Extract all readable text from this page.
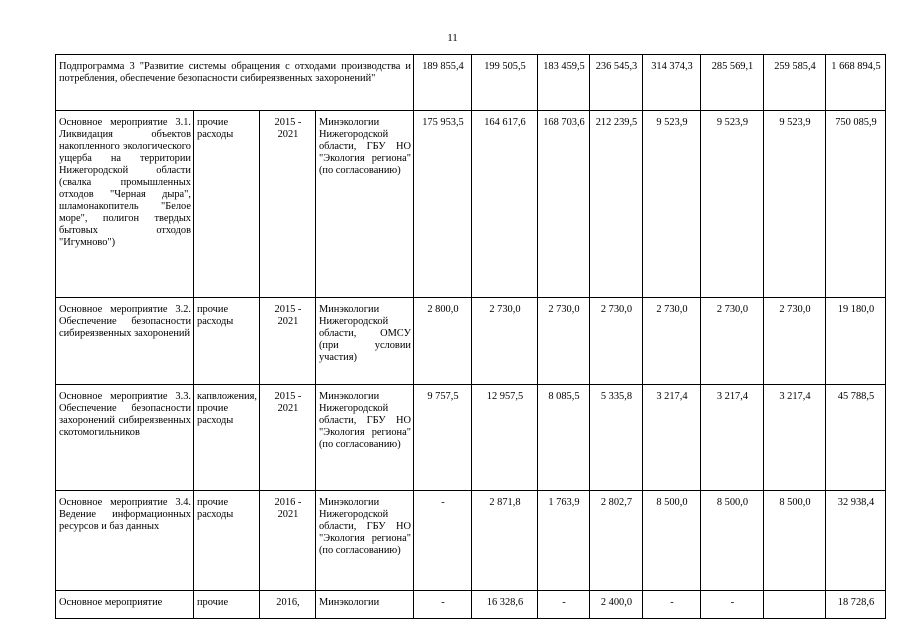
11
Подпрограмма 3 "Развитие системы обращения с отходами производства и потребления, обеспечение безопасности сибиреязвенных захоронений"				189 855,4	199 505,5	183 459,5	236 545,3	314 374,3	285 569,1	259 585,4	1 668 894,5
Основное мероприятие 3.1. Ликвидация объектов накопленного экологического ущерба на территории Нижегородской области (свалка промышленных отходов "Черная дыра", шламонакопитель "Белое море", полигон твердых бытовых отходов "Игумново")	прочие расходы	2015 - 2021	Минэкологии Нижегородской области, ГБУ НО "Экология региона" (по согласованию)	175 953,5	164 617,6	168 703,6	212 239,5	9 523,9	9 523,9	9 523,9	750 085,9
Основное мероприятие 3.2. Обеспечение безопасности сибиреязвенных захоронений	прочие расходы	2015 - 2021	Минэкологии Нижегородской области, ОМСУ (при условии участия)	2 800,0	2 730,0	2 730,0	2 730,0	2 730,0	2 730,0	2 730,0	19 180,0
Основное мероприятие 3.3. Обеспечение безопасности захоронений сибиреязвенных скотомогильников	капвложения, прочие расходы	2015 - 2021	Минэкологии Нижегородской области, ГБУ НО "Экология региона" (по согласованию)	9 757,5	12 957,5	8 085,5	5 335,8	3 217,4	3 217,4	3 217,4	45 788,5
Основное мероприятие 3.4. Ведение информационных ресурсов и баз данных	прочие расходы	2016 - 2021	Минэкологии Нижегородской области, ГБУ НО "Экология региона" (по согласованию)	-	2 871,8	1 763,9	2 802,7	8 500,0	8 500,0	8 500,0	32 938,4
Основное мероприятие	прочие	2016,	Минэкологии	-	16 328,6	-	2 400,0	-	-		18 728,6
